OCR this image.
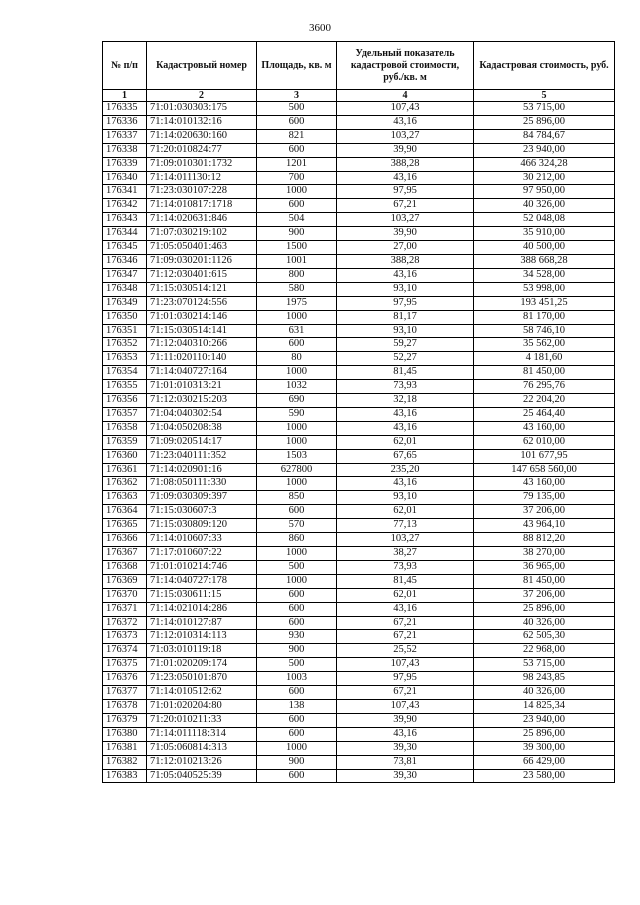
3600
№ п/п	Кадастровый номер	Площадь, кв. м	Удельный показатель кадастровой стоимости, руб./кв. м	Кадастровая стоимость, руб.
1	2	3	4	5
176335	71:01:030303:175	500	107,43	53 715,00
176336	71:14:010132:16	600	43,16	25 896,00
176337	71:14:020630:160	821	103,27	84 784,67
176338	71:20:010824:77	600	39,90	23 940,00
176339	71:09:010301:1732	1201	388,28	466 324,28
176340	71:14:011130:12	700	43,16	30 212,00
176341	71:23:030107:228	1000	97,95	97 950,00
176342	71:14:010817:1718	600	67,21	40 326,00
176343	71:14:020631:846	504	103,27	52 048,08
176344	71:07:030219:102	900	39,90	35 910,00
176345	71:05:050401:463	1500	27,00	40 500,00
176346	71:09:030201:1126	1001	388,28	388 668,28
176347	71:12:030401:615	800	43,16	34 528,00
176348	71:15:030514:121	580	93,10	53 998,00
176349	71:23:070124:556	1975	97,95	193 451,25
176350	71:01:030214:146	1000	81,17	81 170,00
176351	71:15:030514:141	631	93,10	58 746,10
176352	71:12:040310:266	600	59,27	35 562,00
176353	71:11:020110:140	80	52,27	4 181,60
176354	71:14:040727:164	1000	81,45	81 450,00
176355	71:01:010313:21	1032	73,93	76 295,76
176356	71:12:030215:203	690	32,18	22 204,20
176357	71:04:040302:54	590	43,16	25 464,40
176358	71:04:050208:38	1000	43,16	43 160,00
176359	71:09:020514:17	1000	62,01	62 010,00
176360	71:23:040111:352	1503	67,65	101 677,95
176361	71:14:020901:16	627800	235,20	147 658 560,00
176362	71:08:050111:330	1000	43,16	43 160,00
176363	71:09:030309:397	850	93,10	79 135,00
176364	71:15:030607:3	600	62,01	37 206,00
176365	71:15:030809:120	570	77,13	43 964,10
176366	71:14:010607:33	860	103,27	88 812,20
176367	71:17:010607:22	1000	38,27	38 270,00
176368	71:01:010214:746	500	73,93	36 965,00
176369	71:14:040727:178	1000	81,45	81 450,00
176370	71:15:030611:15	600	62,01	37 206,00
176371	71:14:021014:286	600	43,16	25 896,00
176372	71:14:010127:87	600	67,21	40 326,00
176373	71:12:010314:113	930	67,21	62 505,30
176374	71:03:010119:18	900	25,52	22 968,00
176375	71:01:020209:174	500	107,43	53 715,00
176376	71:23:050101:870	1003	97,95	98 243,85
176377	71:14:010512:62	600	67,21	40 326,00
176378	71:01:020204:80	138	107,43	14 825,34
176379	71:20:010211:33	600	39,90	23 940,00
176380	71:14:011118:314	600	43,16	25 896,00
176381	71:05:060814:313	1000	39,30	39 300,00
176382	71:12:010213:26	900	73,81	66 429,00
176383	71:05:040525:39	600	39,30	23 580,00
